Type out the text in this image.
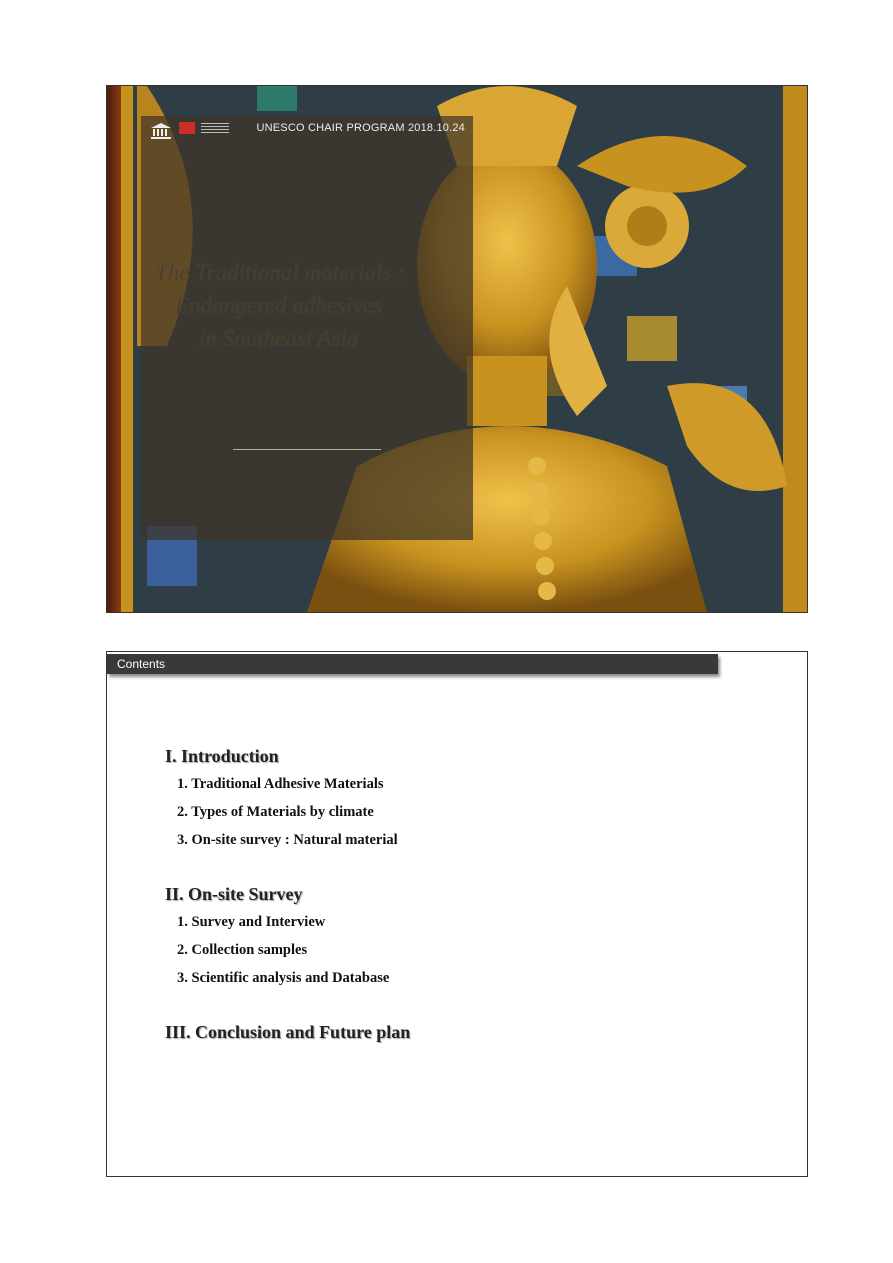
UNESCO CHAIR PROGRAM 2018.10.24
The Traditional materials :
Endangered adhesives
in Southeast Asia
Contents
I. Introduction
1. Traditional Adhesive Materials
2. Types of Materials by climate
3. On-site survey : Natural material
II. On-site Survey
1. Survey and Interview
2. Collection samples
3. Scientific analysis and Database
III. Conclusion and Future plan
